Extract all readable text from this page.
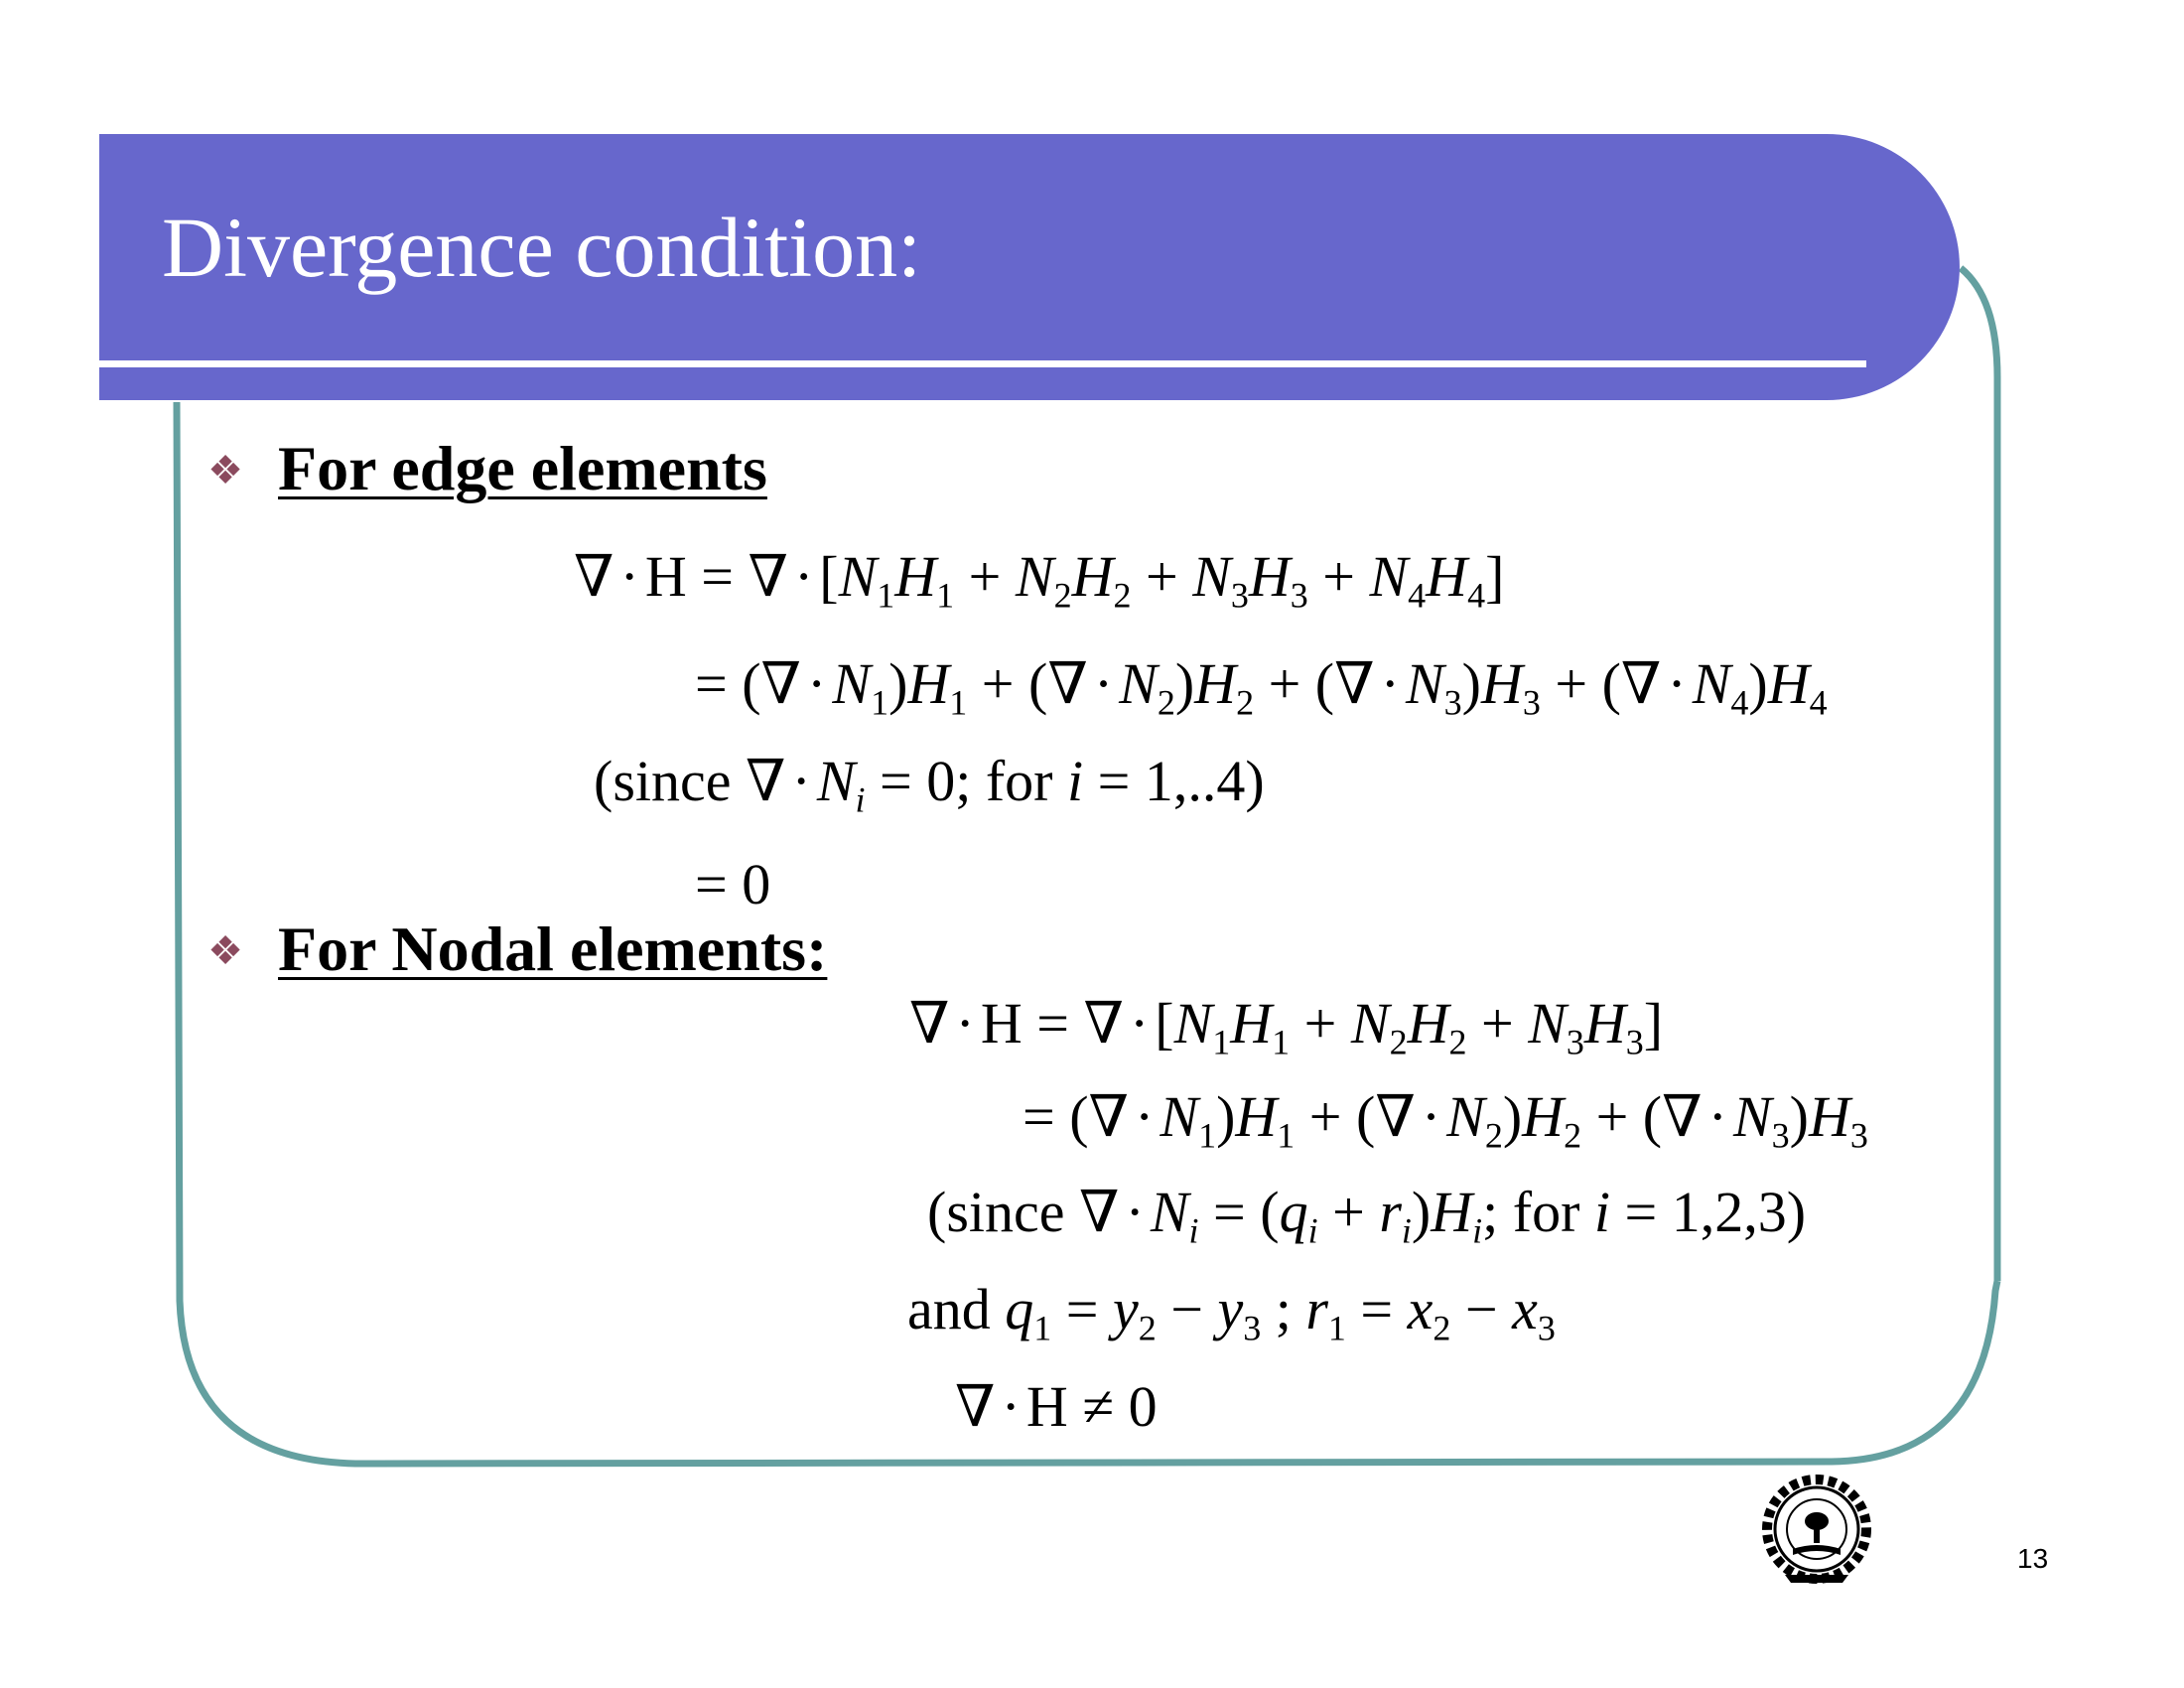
Divergence condition:
❖ For edge elements
∇ · H = ∇ · $[N_1H_1 + N_2H_2 + N_3H_3 + N_4H_4]$
= (∇ · $N_1)H_1$ + (∇ · $N_2)H_2$ + (∇ · $N_3)H_3$ + (∇ · $N_4)H_4$
(since ∇ · $N_i = 0$; for i = 1,..4)
= 0
❖ For Nodal elements:
∇ · H = ∇ · $[N_1H_1 + N_2H_2 + N_3H_3]$
= (∇ · $N_1)H_1$ + (∇ · $N_2)H_2$ + (∇ · $N_3)H_3$
(since ∇ · $N_i = (q_i + r_i)H_i$; for i = 1,2,3)
and $q_1 = y_2 - y_3$ ; $r_1 = x_2 - x_3$
∇ · H ≠ 0
13
